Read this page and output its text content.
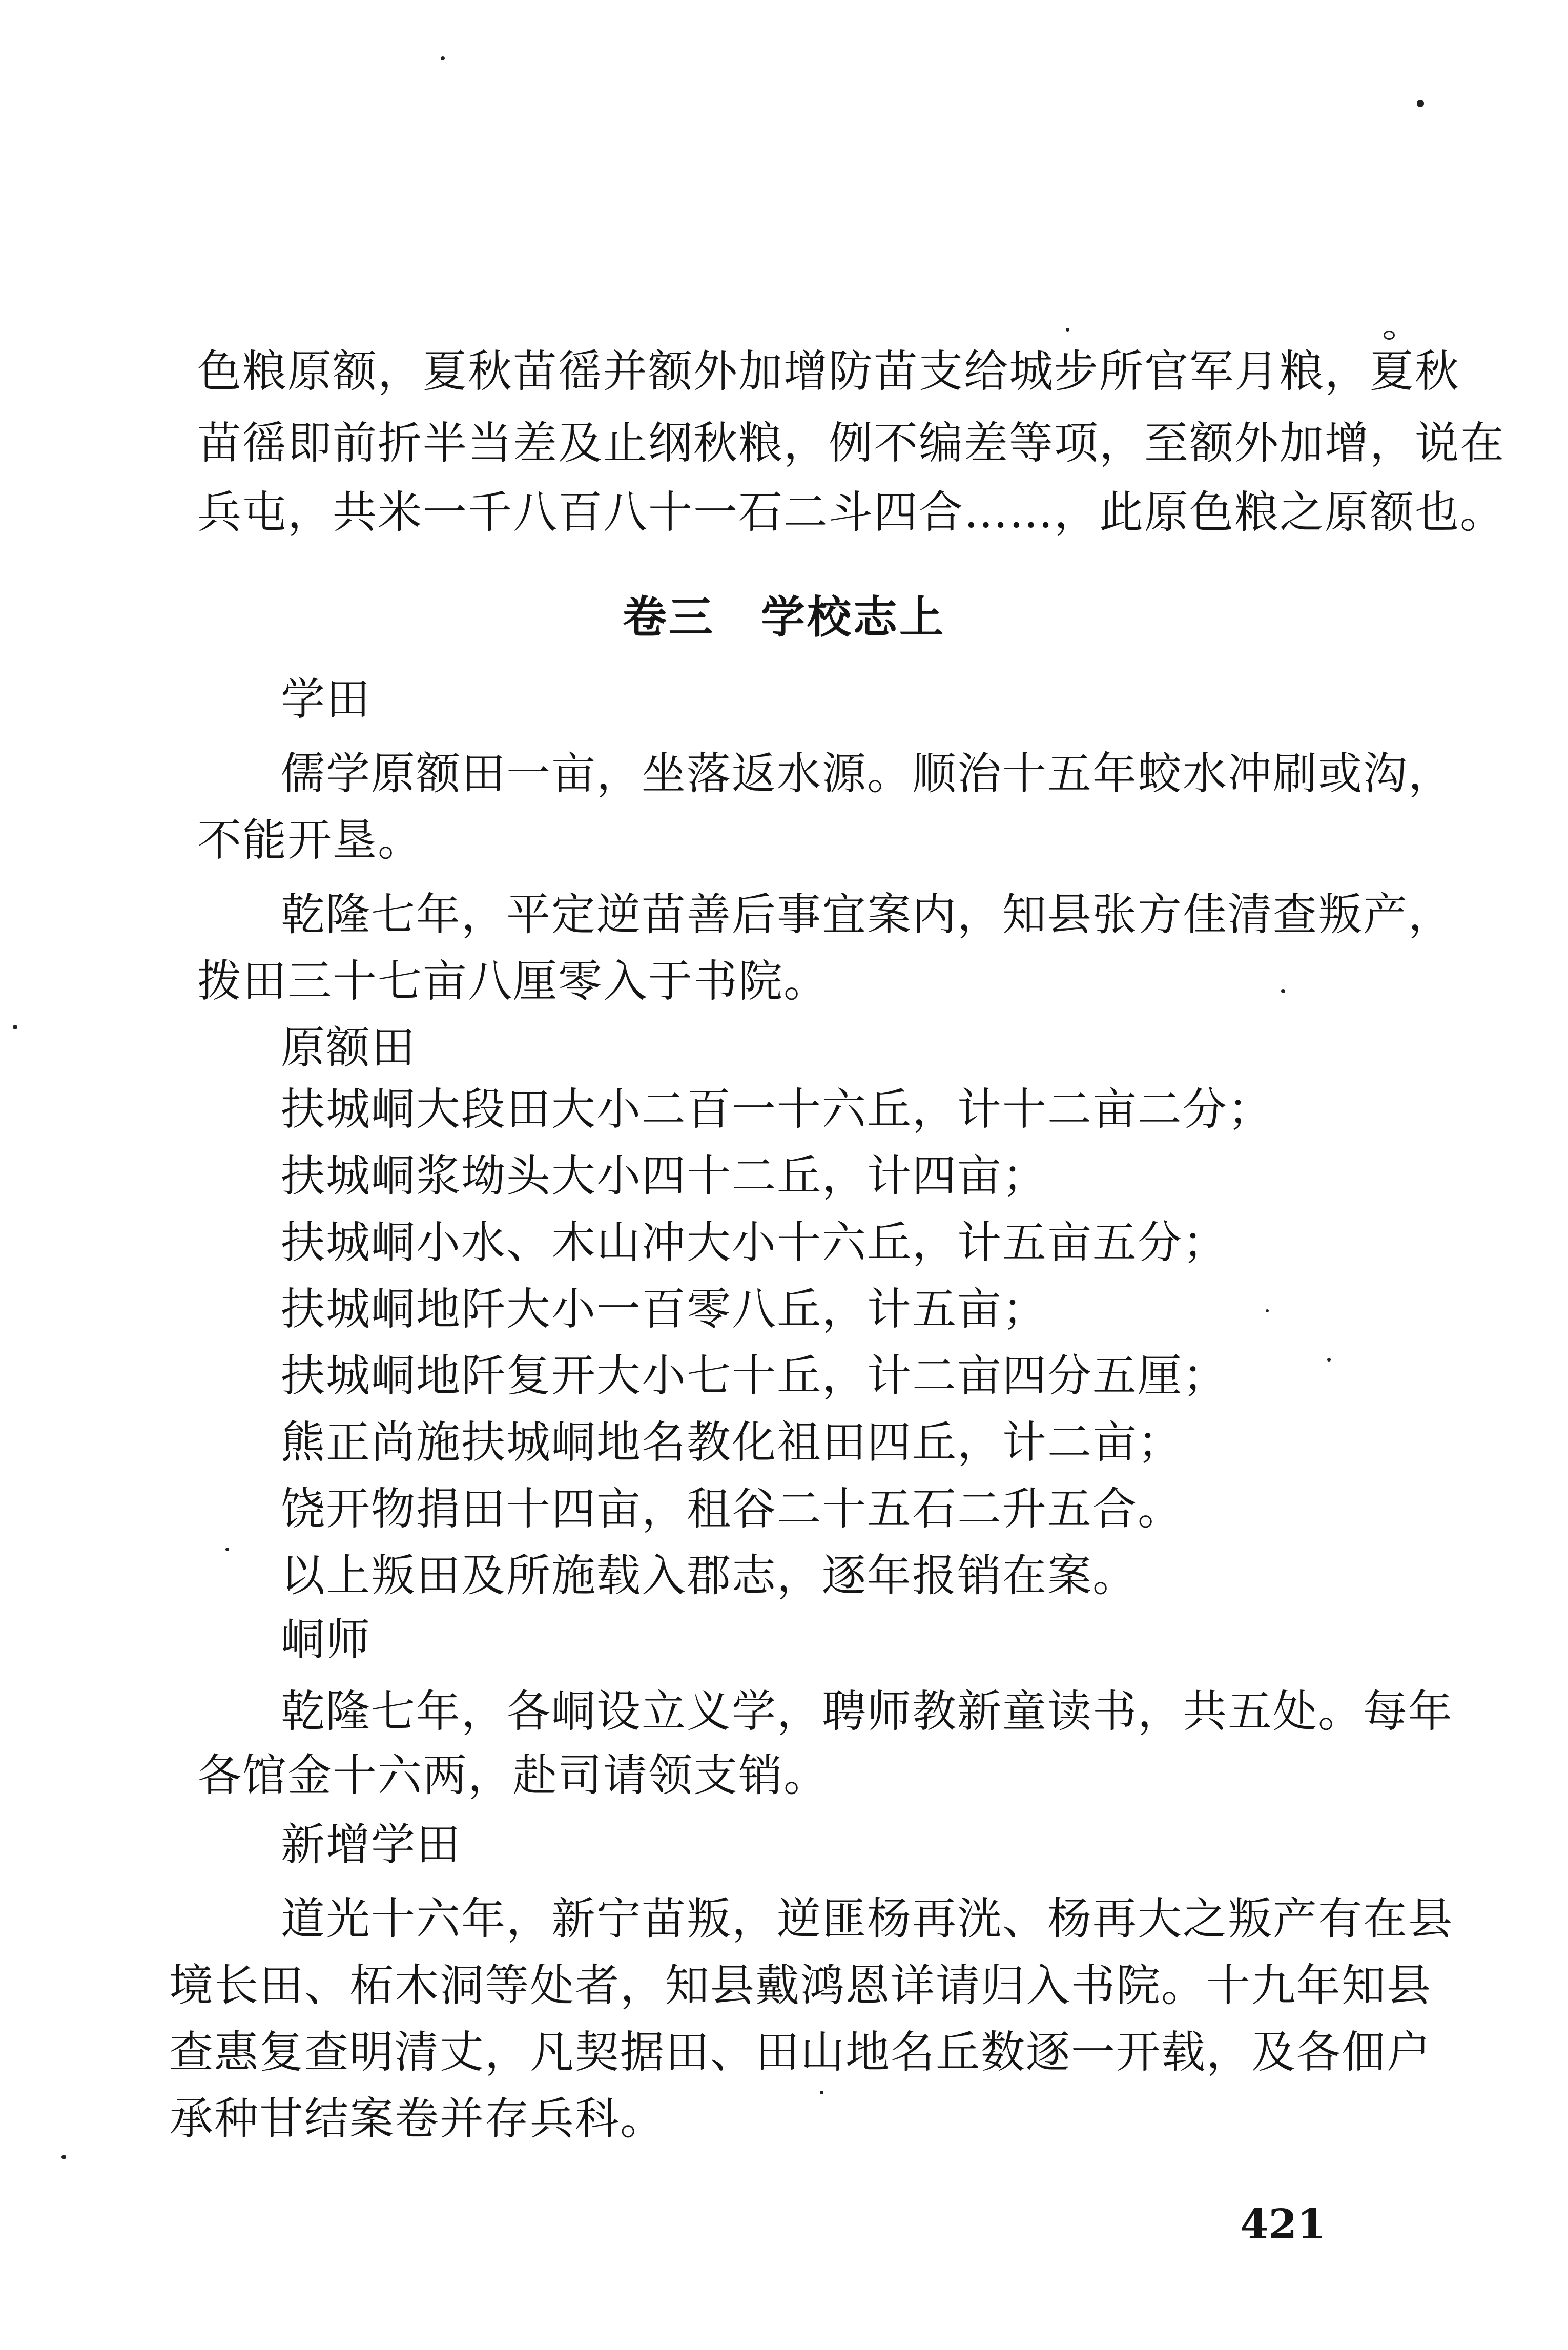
色粮原额，夏秋苗徭并额外加增防苗支给城步所官军月粮，夏秋
苗徭即前折半当差及止纲秋粮，例不编差等项，至额外加增，说在
兵屯，共米一千八百八十一石二斗四合……，此原色粮之原额也。
卷三 学校志上
学田
儒学原额田一亩，坐落返水源。顺治十五年蛟水冲刷或沟，
不能开垦。
乾隆七年，平定逆苗善后事宜案内，知县张方佳清查叛产，
拨田三十七亩八厘零入于书院。
原额田
扶城峒大段田大小二百一十六丘，计十二亩二分；
扶城峒浆坳头大小四十二丘，计四亩；
扶城峒小水、木山冲大小十六丘，计五亩五分；
扶城峒地阡大小一百零八丘，计五亩；
扶城峒地阡复开大小七十丘，计二亩四分五厘；
熊正尚施扶城峒地名教化祖田四丘，计二亩；
饶开物捐田十四亩，租谷二十五石二升五合。
以上叛田及所施载入郡志，逐年报销在案。
峒师
乾隆七年，各峒设立义学，聘师教新童读书，共五处。每年
各馆金十六两，赴司请领支销。
新增学田
道光十六年，新宁苗叛，逆匪杨再洸、杨再大之叛产有在县
境长田、柘木洞等处者，知县戴鸿恩详请归入书院。十九年知县
查惠复查明清丈，凡契据田、田山地名丘数逐一开载，及各佃户
承种甘结案卷并存兵科。
421
